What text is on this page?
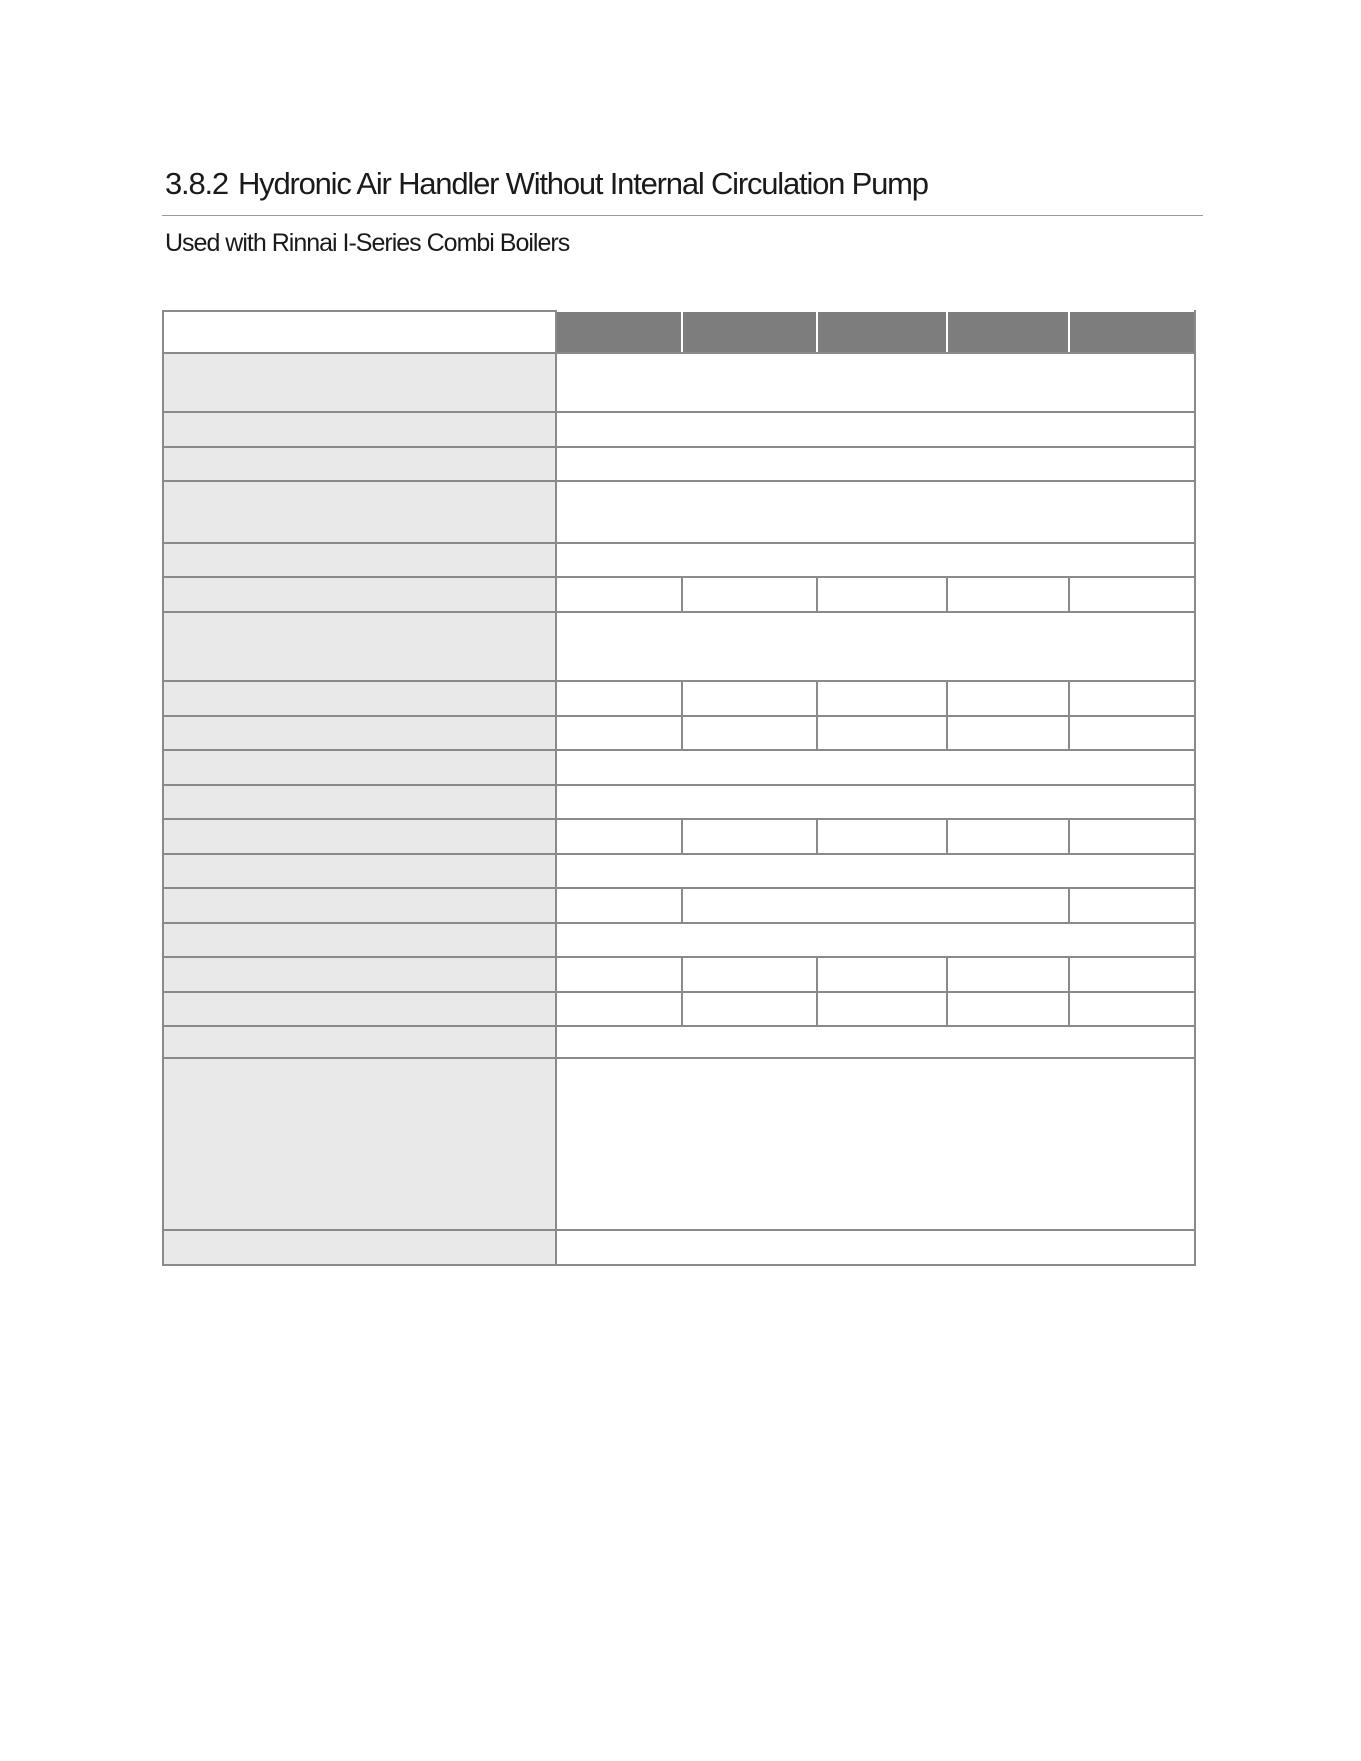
3.8.2 Hydronic Air Handler Without Internal Circulation Pump

Used with Rinnai I-Series Combi Boilers
